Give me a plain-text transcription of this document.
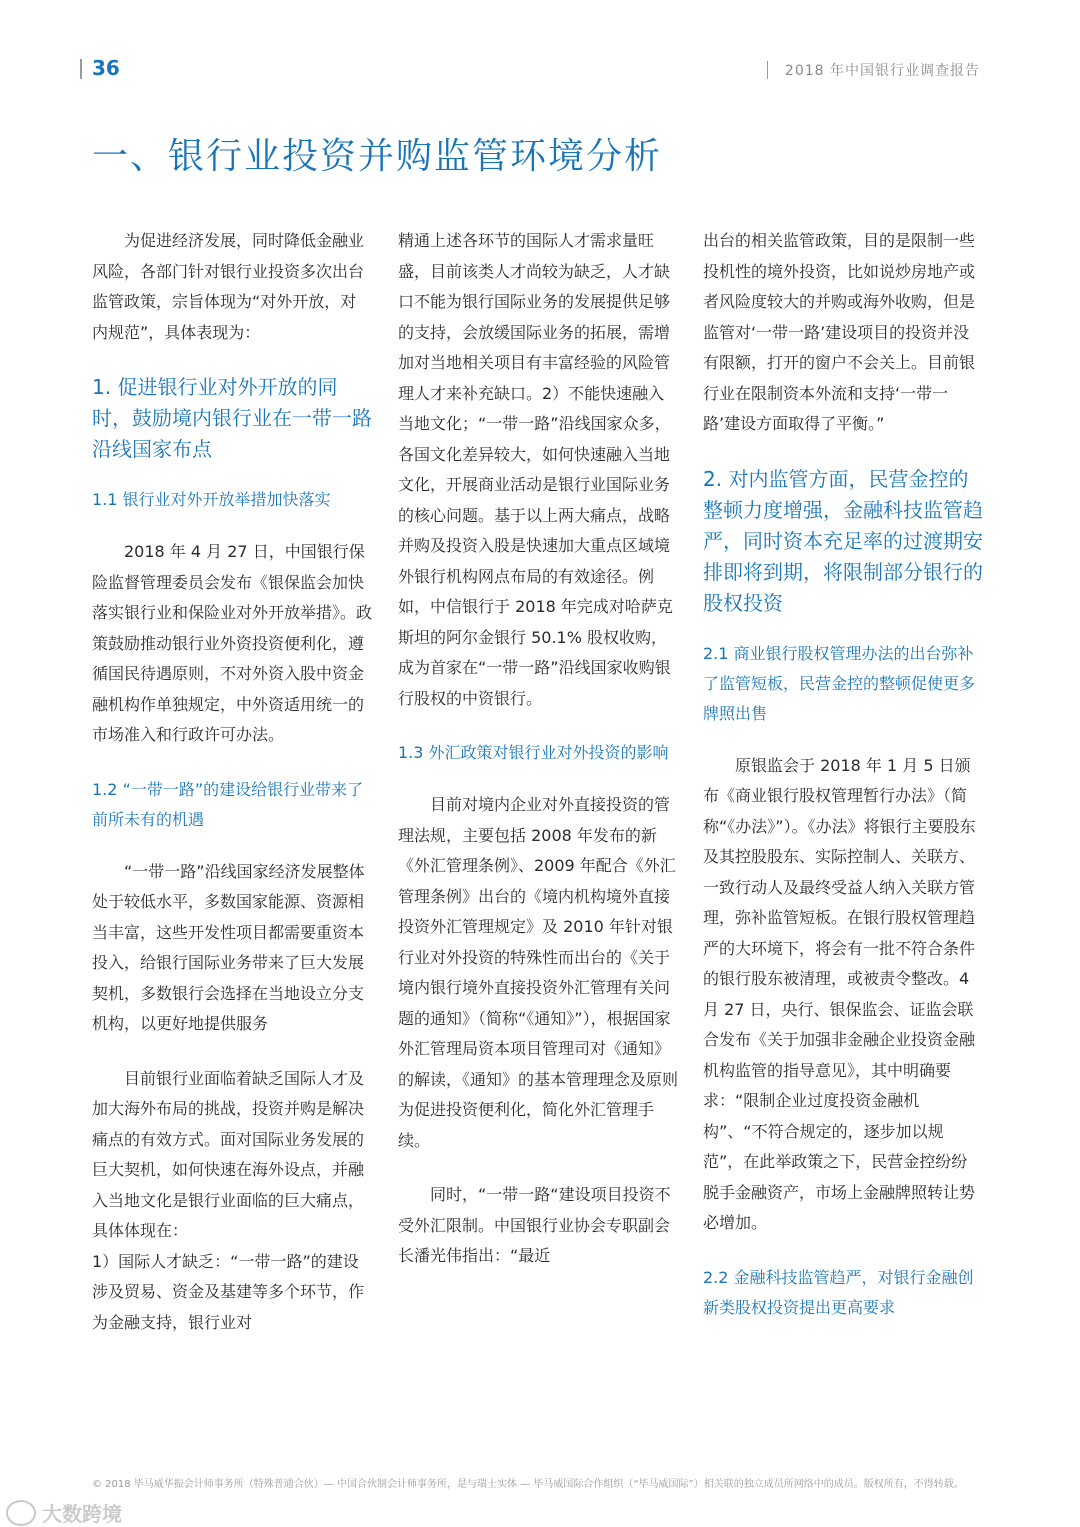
36	2018 年中国银行业调查报告
一、银行业投资并购监管环境分析

为促进经济发展，同时降低金融业风险，各部门针对银行业投资多次出台监管政策，宗旨体现为“对外开放，对内规范”，具体表现为：

1. 促进银行业对外开放的同时，鼓励境内银行业在一带一路沿线国家布点
1.1 银行业对外开放举措加快落实

2018 年 4 月 27 日，中国银行保险监督管理委员会发布《银保监会加快落实银行业和保险业对外开放举措》。政策鼓励推动银行业外资投资便利化，遵循国民待遇原则，不对外资入股中资金融机构作单独规定，中外资适用统一的市场准入和行政许可办法。

1.2 “一带一路”的建设给银行业带来了前所未有的机遇

“一带一路”沿线国家经济发展整体处于较低水平，多数国家能源、资源相当丰富，这些开发性项目都需要重资本投入，给银行国际业务带来了巨大发展契机，多数银行会选择在当地设立分支机构，以更好地提供服务

目前银行业面临着缺乏国际人才及加大海外布局的挑战，投资并购是解决痛点的有效方式。面对国际业务发展的巨大契机，如何快速在海外设点，并融入当地文化是银行业面临的巨大痛点，具体体现在：

1）国际人才缺乏：“一带一路”的建设涉及贸易、资金及基建等多个环节，作为金融支持，银行业对

精通上述各环节的国际人才需求量旺盛，目前该类人才尚较为缺乏，人才缺口不能为银行国际业务的发展提供足够的支持，会放缓国际业务的拓展，需增加对当地相关项目有丰富经验的风险管理人才来补充缺口。2）不能快速融入当地文化；“一带一路”沿线国家众多，各国文化差异较大，如何快速融入当地文化，开展商业活动是银行业国际业务的核心问题。基于以上两大痛点，战略并购及投资入股是快速加大重点区域境外银行机构网点布局的有效途径。例如，中信银行于 2018 年完成对哈萨克斯坦的阿尔金银行 50.1% 股权收购，成为首家在“一带一路”沿线国家收购银行股权的中资银行。

1.3 外汇政策对银行业对外投资的影响

目前对境内企业对外直接投资的管理法规，主要包括 2008 年发布的新《外汇管理条例》、2009 年配合《外汇管理条例》出台的《境内机构境外直接投资外汇管理规定》及 2010 年针对银行业对外投资的特殊性而出台的《关于境内银行境外直接投资外汇管理有关问题的通知》（简称“《通知》”），根据国家外汇管理局资本项目管理司对《通知》的解读，《通知》的基本管理理念及原则为促进投资便利化，简化外汇管理手续。

同时，“一带一路“建设项目投资不受外汇限制。中国银行业协会专职副会长潘光伟指出：“最近

出台的相关监管政策，目的是限制一些投机性的境外投资，比如说炒房地产或者风险度较大的并购或海外收购，但是监管对‘一带一路’建设项目的投资并没有限额，打开的窗户不会关上。目前银行业在限制资本外流和支持‘一带一路’建设方面取得了平衡。”

2. 对内监管方面，民营金控的整顿力度增强，金融科技监管趋严，同时资本充足率的过渡期安排即将到期，将限制部分银行的股权投资
2.1 商业银行股权管理办法的出台弥补了监管短板，民营金控的整顿促使更多牌照出售

原银监会于 2018 年 1 月 5 日颁布《商业银行股权管理暂行办法》（简称“《办法》”）。《办法》将银行主要股东及其控股股东、实际控制人、关联方、一致行动人及最终受益人纳入关联方管理，弥补监管短板。在银行股权管理趋严的大环境下，将会有一批不符合条件的银行股东被清理，或被责令整改。4 月 27 日，央行、银保监会、证监会联合发布《关于加强非金融企业投资金融机构监管的指导意见》，其中明确要求：“限制企业过度投资金融机构”、“不符合规定的，逐步加以规范”，在此举政策之下，民营金控纷纷脱手金融资产，市场上金融牌照转让势必增加。

2.2 金融科技监管趋严，对银行金融创新类股权投资提出更高要求
© 2018 毕马威华振会计师事务所（特殊普通合伙）— 中国合伙制会计师事务所，是与瑞士实体 — 毕马威国际合作组织（“毕马威国际”）相关联的独立成员所网络中的成员。版权所有，不得转载。
大数跨境
